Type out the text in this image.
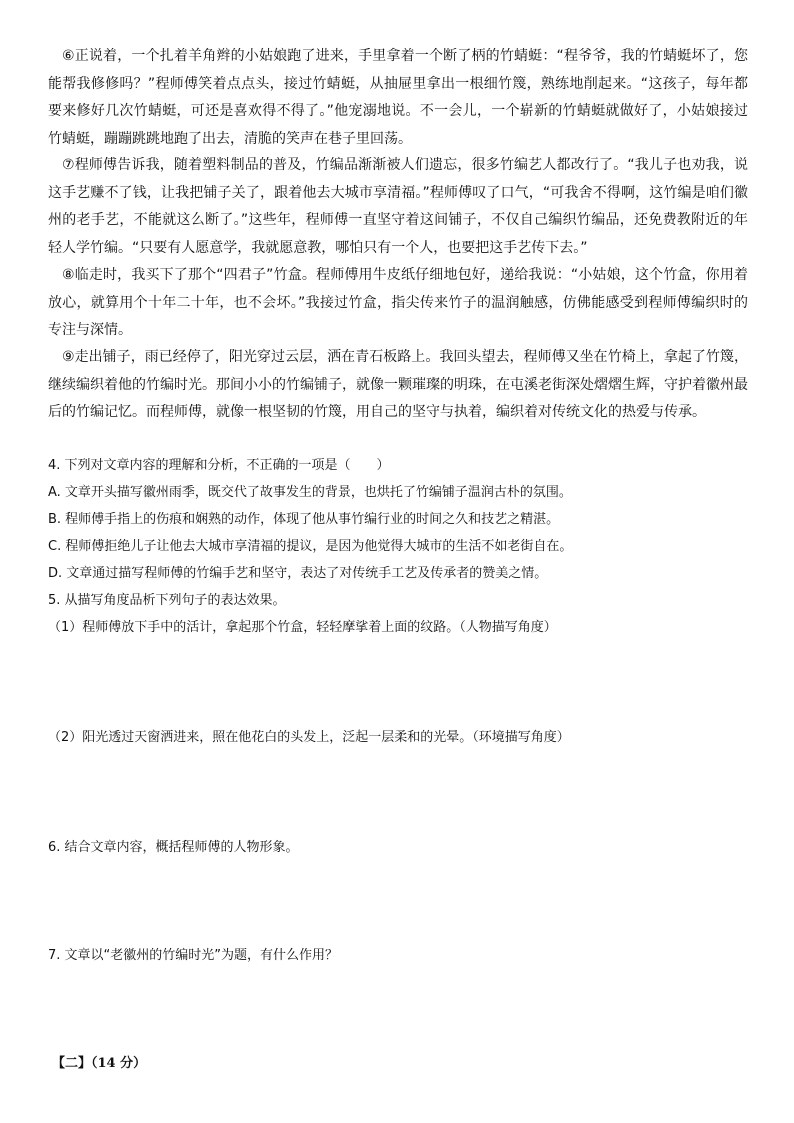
⑥正说着，一个扎着羊角辫的小姑娘跑了进来，手里拿着一个断了柄的竹蜻蜓：“程爷爷，我的竹蜻蜓坏了，您能帮我修修吗？”程师傅笑着点点头，接过竹蜻蜓，从抽屉里拿出一根细竹篾，熟练地削起来。“这孩子，每年都要来修好几次竹蜻蜓，可还是喜欢得不得了。”他宠溺地说。不一会儿，一个崭新的竹蜻蜓就做好了，小姑娘接过竹蜻蜓，蹦蹦跳跳地跑了出去，清脆的笑声在巷子里回荡。

⑦程师傅告诉我，随着塑料制品的普及，竹编品渐渐被人们遗忘，很多竹编艺人都改行了。“我儿子也劝我，说这手艺赚不了钱，让我把铺子关了，跟着他去大城市享清福。”程师傅叹了口气，“可我舍不得啊，这竹编是咱们徽州的老手艺，不能就这么断了。”这些年，程师傅一直坚守着这间铺子，不仅自己编织竹编品，还免费教附近的年轻人学竹编。“只要有人愿意学，我就愿意教，哪怕只有一个人，也要把这手艺传下去。”

⑧临走时，我买下了那个“四君子”竹盒。程师傅用牛皮纸仔细地包好，递给我说：“小姑娘，这个竹盒，你用着放心，就算用个十年二十年，也不会坏。”我接过竹盒，指尖传来竹子的温润触感，仿佛能感受到程师傅编织时的专注与深情。

⑨走出铺子，雨已经停了，阳光穿过云层，洒在青石板路上。我回头望去，程师傅又坐在竹椅上，拿起了竹篾，继续编织着他的竹编时光。那间小小的竹编铺子，就像一颗璀璨的明珠，在屯溪老街深处熠熠生辉，守护着徽州最后的竹编记忆。而程师傅，就像一根坚韧的竹篾，用自己的坚守与执着，编织着对传统文化的热爱与传承。

4. 下列对文章内容的理解和分析，不正确的一项是（　　）

A. 文章开头描写徽州雨季，既交代了故事发生的背景，也烘托了竹编铺子温润古朴的氛围。

B. 程师傅手指上的伤痕和娴熟的动作，体现了他从事竹编行业的时间之久和技艺之精湛。

C. 程师傅拒绝儿子让他去大城市享清福的提议，是因为他觉得大城市的生活不如老街自在。

D. 文章通过描写程师傅的竹编手艺和坚守，表达了对传统手工艺及传承者的赞美之情。

5. 从描写角度品析下列句子的表达效果。

（1）程师傅放下手中的活计，拿起那个竹盒，轻轻摩挲着上面的纹路。（人物描写角度）

（2）阳光透过天窗洒进来，照在他花白的头发上，泛起一层柔和的光晕。（环境描写角度）

6. 结合文章内容，概括程师傅的人物形象。

7. 文章以“老徽州的竹编时光”为题，有什么作用？

【二】（14 分）
